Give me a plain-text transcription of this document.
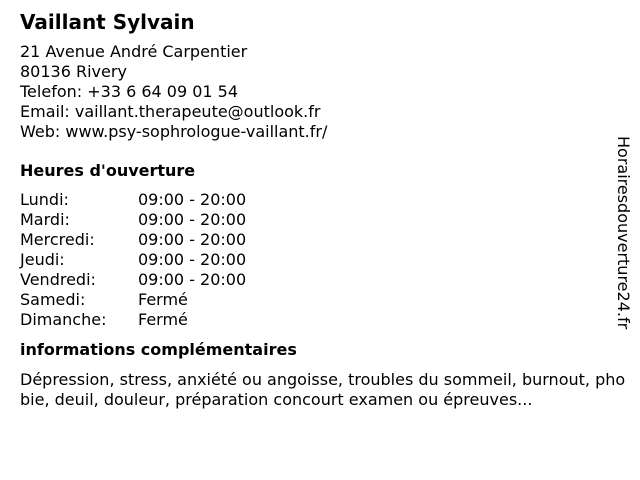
Vaillant Sylvain
21 Avenue André Carpentier
80136 Rivery
Telefon: +33 6 64 09 01 54
Email: vaillant.therapeute@outlook.fr
Web: www.psy-sophrologue-vaillant.fr/
Heures d'ouverture
Lundi:	09:00 - 20:00
Mardi:	09:00 - 20:00
Mercredi:	09:00 - 20:00
Jeudi:	09:00 - 20:00
Vendredi:	09:00 - 20:00
Samedi:	Fermé
Dimanche:	Fermé
informations complémentaires
Dépression, stress, anxiété ou angoisse, troubles du sommeil, burnout, phobie, deuil, douleur, préparation concourt examen ou épreuves...
Horairesdouverture24.fr
